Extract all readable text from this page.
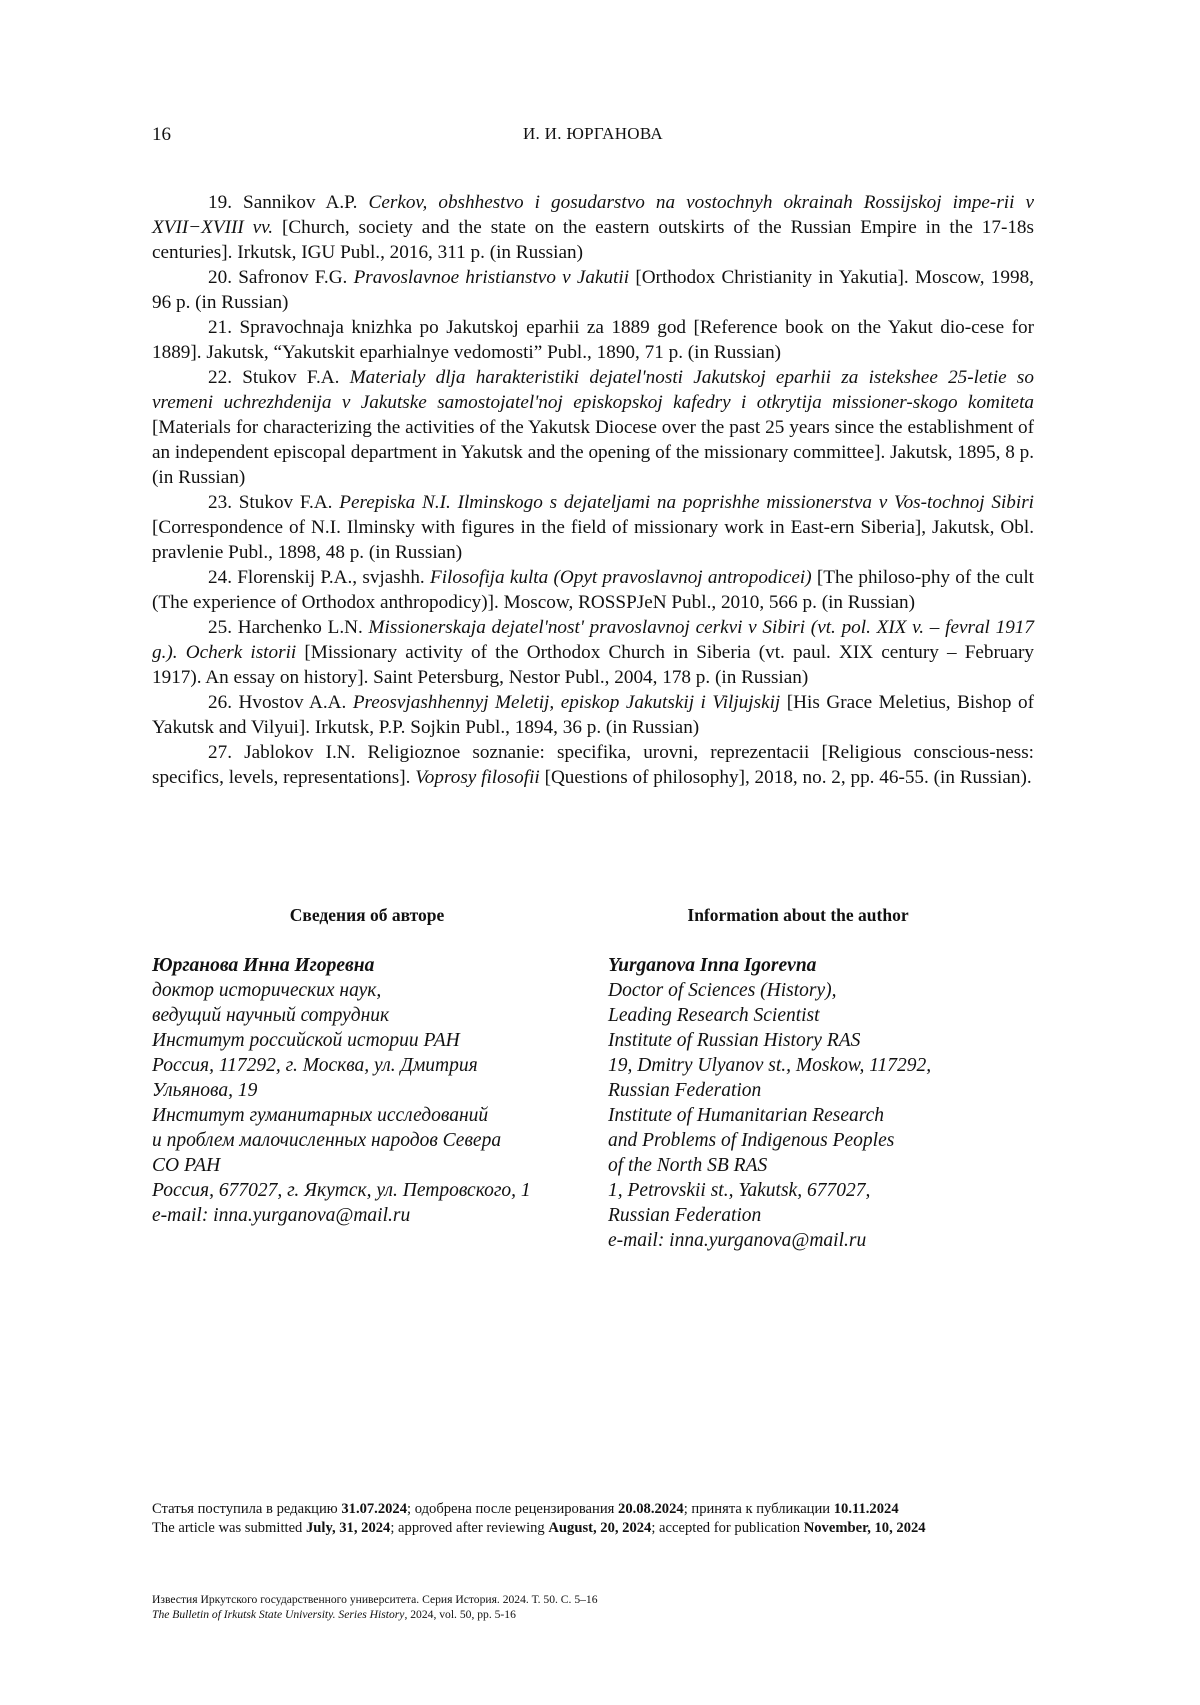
16	И. И. ЮРГАНОВА

19. Sannikov A.P. Cerkov, obshhestvo i gosudarstvo na vostochnyh okrainah Rossijskoj impe-rii v XVII−XVIII vv. [Church, society and the state on the eastern outskirts of the Russian Empire in the 17-18s centuries]. Irkutsk, IGU Publ., 2016, 311 p. (in Russian)

20. Safronov F.G. Pravoslavnoe hristianstvo v Jakutii [Orthodox Christianity in Yakutia]. Moscow, 1998, 96 p. (in Russian)

21. Spravochnaja knizhka po Jakutskoj eparhii za 1889 god [Reference book on the Yakut dio-cese for 1889]. Jakutsk, “Yakutskit eparhialnye vedomosti” Publ., 1890, 71 p. (in Russian)

22. Stukov F.A. Materialy dlja harakteristiki dejatel'nosti Jakutskoj eparhii za istekshee 25-letie so vremeni uchrezhdenija v Jakutske samostojatel'noj episkopskoj kafedry i otkrytija missioner-skogo komiteta [Materials for characterizing the activities of the Yakutsk Diocese over the past 25 years since the establishment of an independent episcopal department in Yakutsk and the opening of the missionary committee]. Jakutsk, 1895, 8 p. (in Russian)

23. Stukov F.A. Perepiska N.I. Ilminskogo s dejateljami na poprishhe missionerstva v Vos-tochnoj Sibiri [Correspondence of N.I. Ilminsky with figures in the field of missionary work in East-ern Siberia], Jakutsk, Obl. pravlenie Publ., 1898, 48 p. (in Russian)

24. Florenskij P.A., svjashh. Filosofija kulta (Opyt pravoslavnoj antropodicei) [The philoso-phy of the cult (The experience of Orthodox anthropodicy)]. Moscow, ROSSPJeN Publ., 2010, 566 p. (in Russian)

25. Harchenko L.N. Missionerskaja dejatel'nost' pravoslavnoj cerkvi v Sibiri (vt. pol. XIX v. – fevral 1917 g.). Ocherk istorii [Missionary activity of the Orthodox Church in Siberia (vt. paul. XIX century – February 1917). An essay on history]. Saint Petersburg, Nestor Publ., 2004, 178 p. (in Russian)

26. Hvostov A.A. Preosvjashhennyj Meletij, episkop Jakutskij i Viljujskij [His Grace Meletius, Bishop of Yakutsk and Vilyui]. Irkutsk, P.P. Sojkin Publ., 1894, 36 p. (in Russian)

27. Jablokov I.N. Religioznoe soznanie: specifika, urovni, reprezentacii [Religious conscious-ness: specifics, levels, representations]. Voprosy filosofii [Questions of philosophy], 2018, no. 2, pp. 46-55. (in Russian).

Сведения об авторе

Юрганова Инна Игоревна

доктор исторических наук,

ведущий научный сотрудник

Институт российской истории РАН

Россия, 117292, г. Москва, ул. Дмитрия

Ульянова, 19

Институт гуманитарных исследований

и проблем малочисленных народов Севера

СО РАН

Россия, 677027, г. Якутск, ул. Петровского, 1

e-mail: inna.yurganova@mail.ru

Information about the author

Yurganova Inna Igorevna

Doctor of Sciences (History),

Leading Research Scientist

Institute of Russian History RAS

19, Dmitry Ulyanov st., Moskow, 117292,

Russian Federation

Institute of Humanitarian Research

and Problems of Indigenous Peoples

of the North SB RAS

1, Petrovskii st., Yakutsk, 677027,

Russian Federation

e-mail: inna.yurganova@mail.ru

Статья поступила в редакцию 31.07.2024; одобрена после рецензирования 20.08.2024; принята к публикации 10.11.2024

The article was submitted July, 31, 2024; approved after reviewing August, 20, 2024; accepted for publication November, 10, 2024

Известия Иркутского государственного университета. Серия История. 2024. Т. 50. С. 5–16

The Bulletin of Irkutsk State University. Series History, 2024, vol. 50, pp. 5-16
